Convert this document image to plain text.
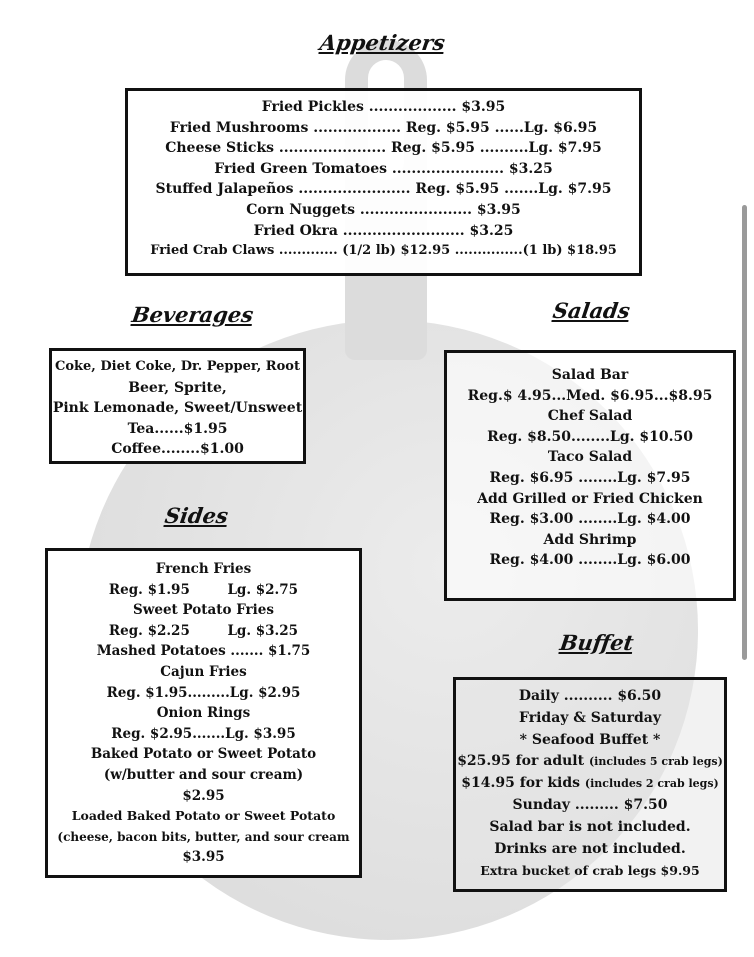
Appetizers
Fried Pickles .................. $3.95
Fried Mushrooms .................. Reg. $5.95 ......Lg. $6.95
Cheese Sticks ...................... Reg. $5.95 ..........Lg. $7.95
Fried Green Tomatoes ....................... $3.25
Stuffed Jalapeños ....................... Reg. $5.95 .......Lg. $7.95
Corn Nuggets ....................... $3.95
Fried Okra ......................... $3.25
Fried Crab Claws ............. (1/2 lb) $12.95 ...............(1 lb) $18.95
Beverages
Coke, Diet Coke, Dr. Pepper, Root
Beer, Sprite,
Pink Lemonade, Sweet/Unsweet
Tea......$1.95
Coffee........$1.00
Salads
Salad Bar
Reg.$ 4.95...Med. $6.95...$8.95
Chef Salad
Reg. $8.50........Lg. $10.50
Taco Salad
Reg. $6.95 ........Lg. $7.95
Add Grilled or Fried Chicken
Reg. $3.00 ........Lg. $4.00
Add Shrimp
Reg. $4.00 ........Lg. $6.00
Sides
French Fries
Reg. $1.95        Lg. $2.75
Sweet Potato Fries
Reg. $2.25        Lg. $3.25
Mashed Potatoes ....... $1.75
Cajun Fries
Reg. $1.95.........Lg. $2.95
Onion Rings
Reg. $2.95.......Lg. $3.95
Baked Potato or Sweet Potato
(w/butter and sour cream)
$2.95
Loaded Baked Potato or Sweet Potato
(cheese, bacon bits, butter, and sour cream
$3.95
Buffet
Daily .......... $6.50
Friday & Saturday
* Seafood Buffet *
$25.95 for adult (includes 5 crab legs)
$14.95 for kids (includes 2 crab legs)
Sunday ......... $7.50
Salad bar is not included.
Drinks are not included.
Extra bucket of crab legs $9.95
